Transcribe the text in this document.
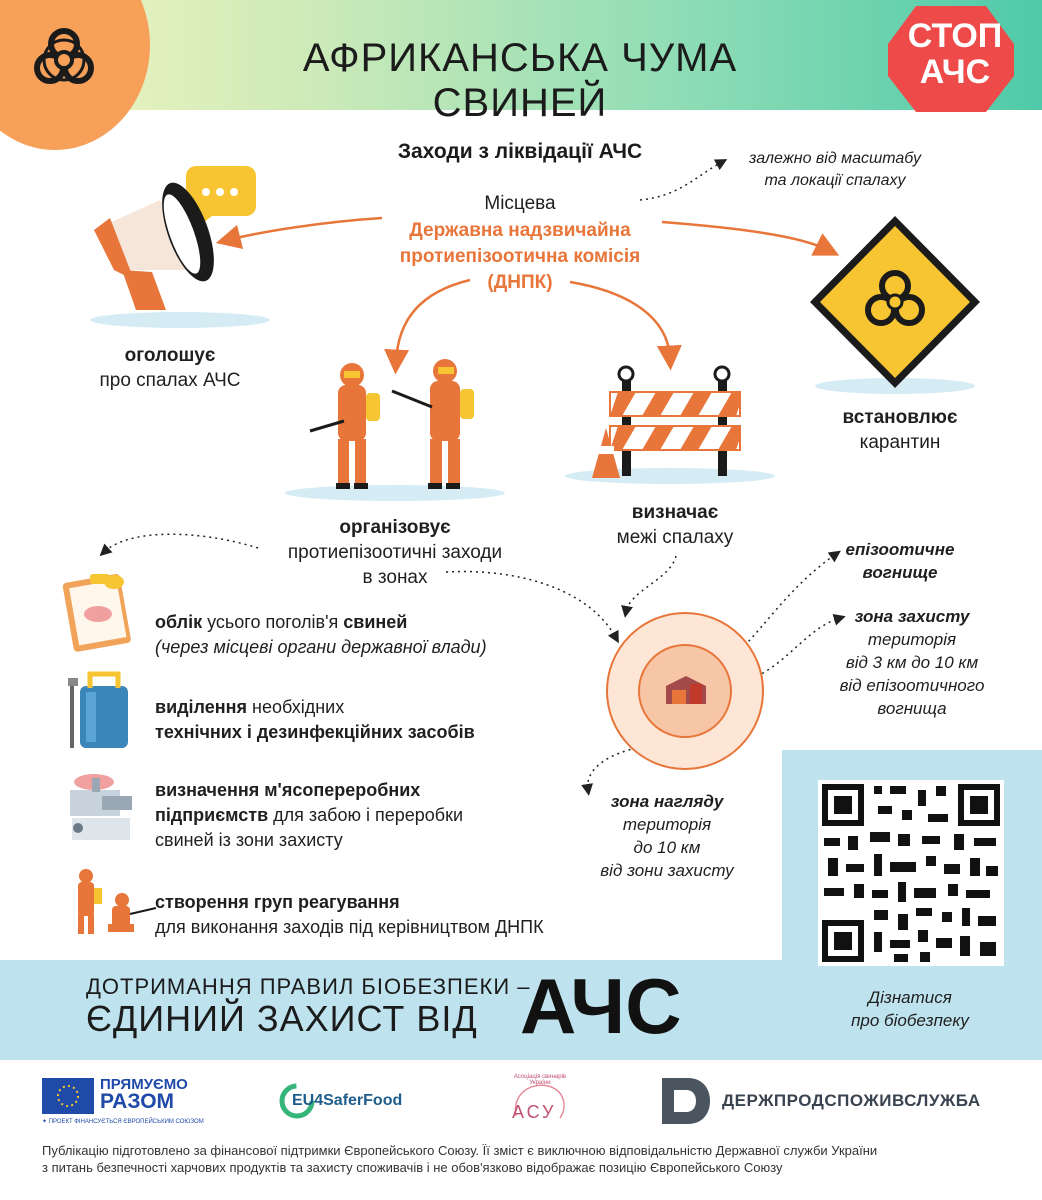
АФРИКАНСЬКА ЧУМА СВИНЕЙ
СТОП
АЧС
Заходи з ліквідації АЧС
Місцева
Державна надзвичайна
протиепізоотична комісія
(ДНПК)
залежно від масштабу
та локації спалаху
оголошує
про спалах АЧС
встановлює
карантин
організовує
протиепізоотичні заходи
в зонах
визначає
межі спалаху
облік усього поголів'я свиней
(через місцеві органи державної влади)
виділення необхідних
технічних і дезинфекційних засобів
визначення м'ясопереробних
підприємств для забою і переробки
свиней із зони захисту
створення груп реагування
для виконання заходів під керівництвом ДНПК
епізоотичне
вогнище
зона захисту
територія
від 3 км до 10 км
від епізоотичного
вогнища
зона нагляду
територія
до 10 км
від зони захисту
Дізнатися
про біобезпеку
ДОТРИМАННЯ ПРАВИЛ БІОБЕЗПЕКИ –
ЄДИНИЙ ЗАХИСТ ВІД АЧС
ПРЯМУЄМО
РАЗОМ
✦ ПРОЕКТ ФІНАНСУЄТЬСЯ ЄВРОПЕЙСЬКИМ СОЮЗОМ
EU4SaferFood
АСУ
Асоціація свинарів України
ДЕРЖПРОДСПОЖИВСЛУЖБА
Публікацію підготовлено за фінансової підтримки Європейського Союзу. Її зміст є виключною відповідальністю Державної служби України
з питань безпечності харчових продуктів та захисту споживачів і не обов'язково відображає позицію Європейського Союзу
